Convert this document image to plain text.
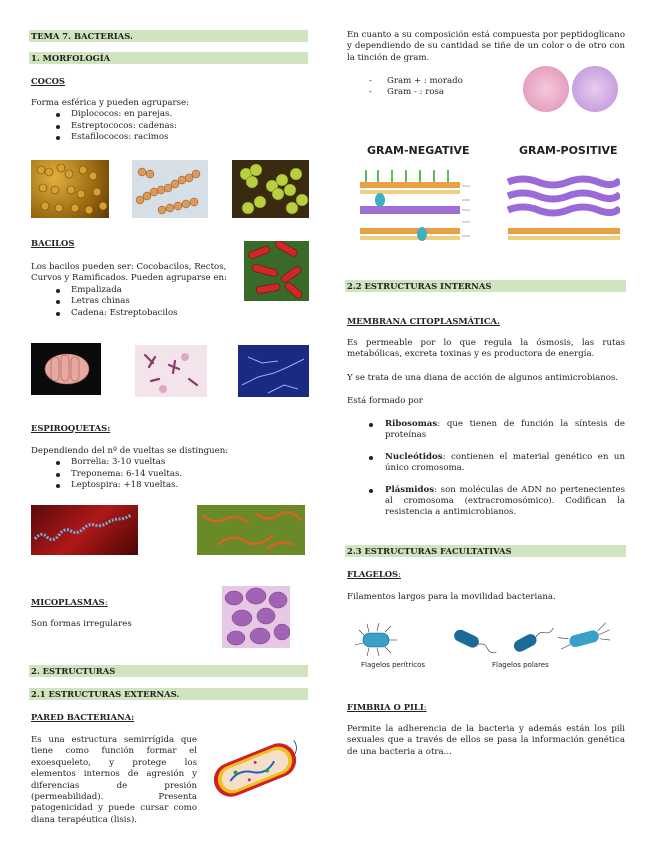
TEMA 7. BACTERIAS.
1. MORFOLOGÍA
COCOS
Forma esférica y pueden agruparse:
Diplococos: en parejas.
Estreptococos: cadenas:
Estafilococos: racimos
BACILOS
Los bacilos pueden ser: Cocobacilos, Rectos, Curvos y Ramificados. Pueden agruparse en:
Empalizada
Letras chinas
Cadena: Estreptobacilos
ESPIROQUETAS:
Dependiendo del nº de vueltas se distinguen:
Borrelia: 3-10 vueltas
Treponema: 6-14 vueltas.
Leptospira: +18 vueltas.
MICOPLASMAS:
Son formas irregulares
2. ESTRUCTURAS
2.1 ESTRUCTURAS EXTERNAS.
PARED BACTERIANA:
Es una estructura semirrígida que tiene como función formar el exoesqueleto, y protege los elementos internos de agresión y diferencias de presión (permeabilidad). Presenta patogenicidad y puede cursar como diana terapéutica (lisis).
En cuanto a su composición está compuesta por peptidoglicano y dependiendo de su cantidad se tiñe de un color o de otro con la tinción de gram.
- Gram + : morado
- Gram - : rosa
GRAM-NEGATIVE	GRAM-POSITIVE
2.2 ESTRUCTURAS INTERNAS
MEMBRANA CITOPLASMÁTICA.
Es permeable por lo que regula la ósmosis, las rutas metabólicas, excreta toxinas y es productora de energía.
Y se trata de una diana de acción de algunos antimicrobianos.
Está formado por
Ribosomas: que tienen de función la síntesis de proteínas
Nucleótidos: contienen el material genético en un único cromosoma.
Plásmidos: son moléculas de ADN no pertenecientes al cromosoma (extracromosómico). Codifican la resistencia a antimicrobianos.
2.3 ESTRUCTURAS FACULTATIVAS
FLAGELOS:
Filamentos largos para la movilidad bacteriana.
Flagelos perítricos	Flagelos polares
FIMBRIA O PILI:
Permite la adherencia de la bacteria y además están los pili sexuales que a través de ellos se pasa la información genética de una bacteria a otra...
